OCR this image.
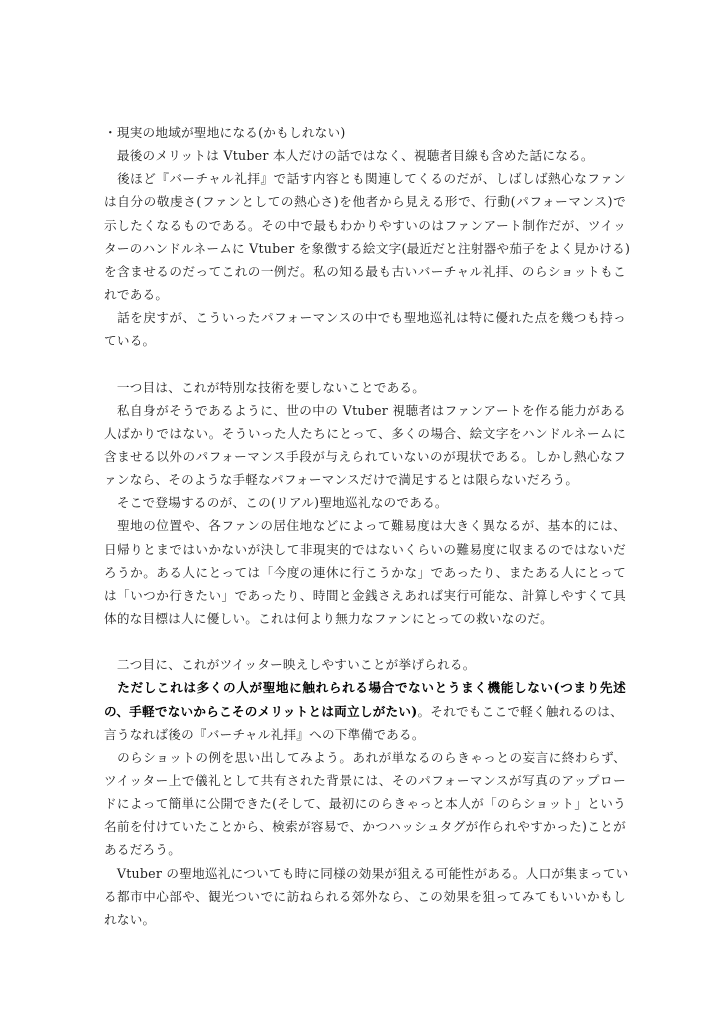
・現実の地域が聖地になる(かもしれない)
　最後のメリットは Vtuber 本人だけの話ではなく、視聴者目線も含めた話になる。
　後ほど『バーチャル礼拝』で話す内容とも関連してくるのだが、しばしば熱心なファン
は自分の敬虔さ(ファンとしての熱心さ)を他者から見える形で、行動(パフォーマンス)で
示したくなるものである。その中で最もわかりやすいのはファンアート制作だが、ツイッ
ターのハンドルネームに Vtuber を象徴する絵文字(最近だと注射器や茄子をよく見かける)
を含ませるのだってこれの一例だ。私の知る最も古いバーチャル礼拝、のらショットもこ
れである。
　話を戻すが、こういったパフォーマンスの中でも聖地巡礼は特に優れた点を幾つも持っ
ている。
　一つ目は、これが特別な技術を要しないことである。
　私自身がそうであるように、世の中の Vtuber 視聴者はファンアートを作る能力がある
人ばかりではない。そういった人たちにとって、多くの場合、絵文字をハンドルネームに
含ませる以外のパフォーマンス手段が与えられていないのが現状である。しかし熱心なフ
ァンなら、そのような手軽なパフォーマンスだけで満足するとは限らないだろう。
　そこで登場するのが、この(リアル)聖地巡礼なのである。
　聖地の位置や、各ファンの居住地などによって難易度は大きく異なるが、基本的には、
日帰りとまではいかないが決して非現実的ではないくらいの難易度に収まるのではないだ
ろうか。ある人にとっては「今度の連休に行こうかな」であったり、またある人にとって
は「いつか行きたい」であったり、時間と金銭さえあれば実行可能な、計算しやすくて具
体的な目標は人に優しい。これは何より無力なファンにとっての救いなのだ。
　二つ目に、これがツイッター映えしやすいことが挙げられる。
　ただしこれは多くの人が聖地に触れられる場合でないとうまく機能しない(つまり先述
の、手軽でないからこそのメリットとは両立しがたい)。それでもここで軽く触れるのは、
言うなれば後の『バーチャル礼拝』への下準備である。
　のらショットの例を思い出してみよう。あれが単なるのらきゃっとの妄言に終わらず、
ツイッター上で儀礼として共有された背景には、そのパフォーマンスが写真のアップロー
ドによって簡単に公開できた(そして、最初にのらきゃっと本人が「のらショット」という
名前を付けていたことから、検索が容易で、かつハッシュタグが作られやすかった)ことが
あるだろう。
　Vtuber の聖地巡礼についても時に同様の効果が狙える可能性がある。人口が集まってい
る都市中心部や、観光ついでに訪ねられる郊外なら、この効果を狙ってみてもいいかもし
れない。
